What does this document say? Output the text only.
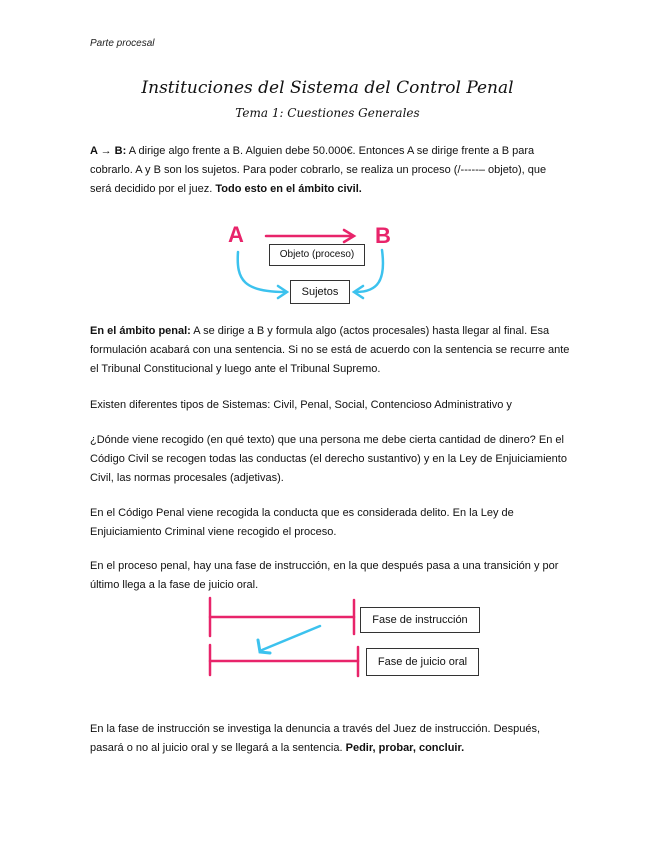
Parte procesal
Instituciones del Sistema del Control Penal
Tema 1: Cuestiones Generales
A → B: A dirige algo frente a B. Alguien debe 50.000€. Entonces A se dirige frente a B para cobrarlo. A y B son los sujetos. Para poder cobrarlo, se realiza un proceso (/-----– objeto), que será decidido por el juez. Todo esto en el ámbito civil.
A	B
Objeto (proceso)
Sujetos
En el ámbito penal: A se dirige a B y formula algo (actos procesales) hasta llegar al final. Esa formulación acabará con una sentencia. Si no se está de acuerdo con la sentencia se recurre ante el Tribunal Constitucional y luego ante el Tribunal Supremo.
Existen diferentes tipos de Sistemas: Civil, Penal, Social, Contencioso Administrativo y
¿Dónde viene recogido (en qué texto) que una persona me debe cierta cantidad de dinero? En el Código Civil se recogen todas las conductas (el derecho sustantivo) y en la Ley de Enjuiciamiento Civil, las normas procesales (adjetivas).
En el Código Penal viene recogida la conducta que es considerada delito. En la Ley de Enjuiciamiento Criminal viene recogido el proceso.
En el proceso penal, hay una fase de instrucción, en la que después pasa a una transición y por último llega a la fase de juicio oral.
Fase de instrucción
Fase de juicio oral
En la fase de instrucción se investiga la denuncia a través del Juez de instrucción. Después, pasará o no al juicio oral y se llegará a la sentencia. Pedir, probar, concluir.
